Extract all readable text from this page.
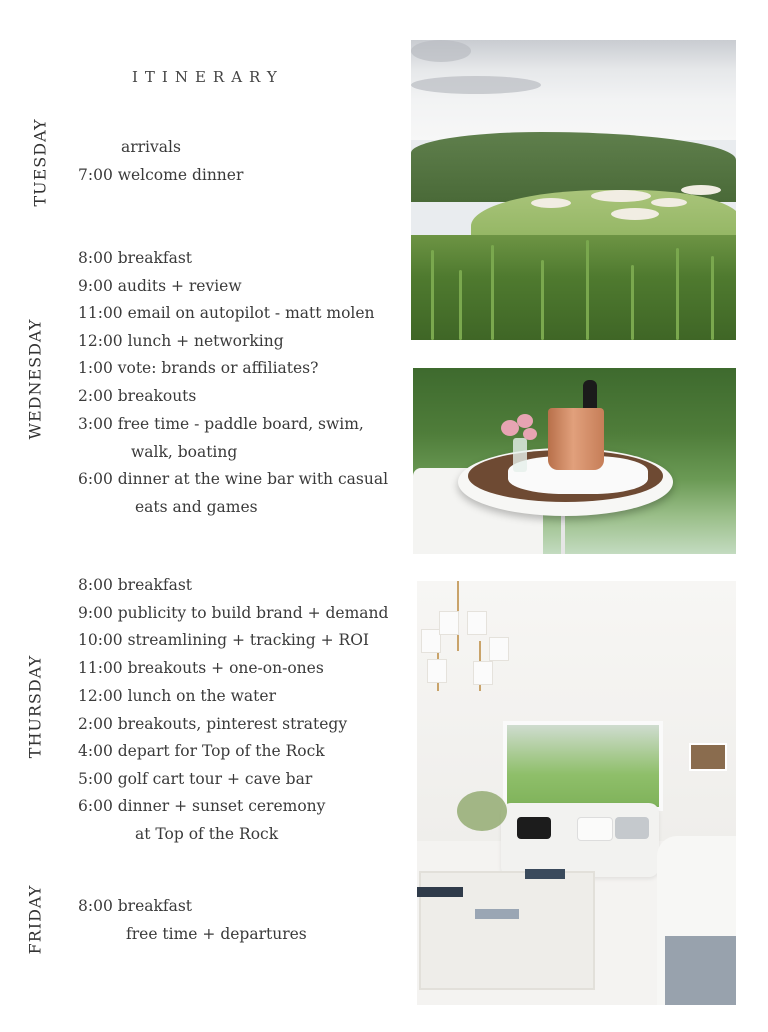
ITINERARY
TUESDAY
WEDNESDAY
THURSDAY
FRIDAY
arrivals
7:00 welcome dinner
8:00 breakfast
9:00 audits + review
11:00 email on autopilot - matt molen
12:00 lunch + networking
1:00 vote: brands or affiliates?
2:00 breakouts
3:00 free time - paddle board, swim,
walk, boating
6:00 dinner at the wine bar with casual
eats and games
8:00 breakfast
9:00 publicity to build brand + demand
10:00 streamlining + tracking + ROI
11:00 breakouts + one-on-ones
12:00 lunch on the water
2:00 breakouts, pinterest strategy
4:00 depart for Top of the Rock
5:00 golf cart tour + cave bar
6:00 dinner + sunset ceremony
at Top of the Rock
8:00 breakfast
free time + departures
